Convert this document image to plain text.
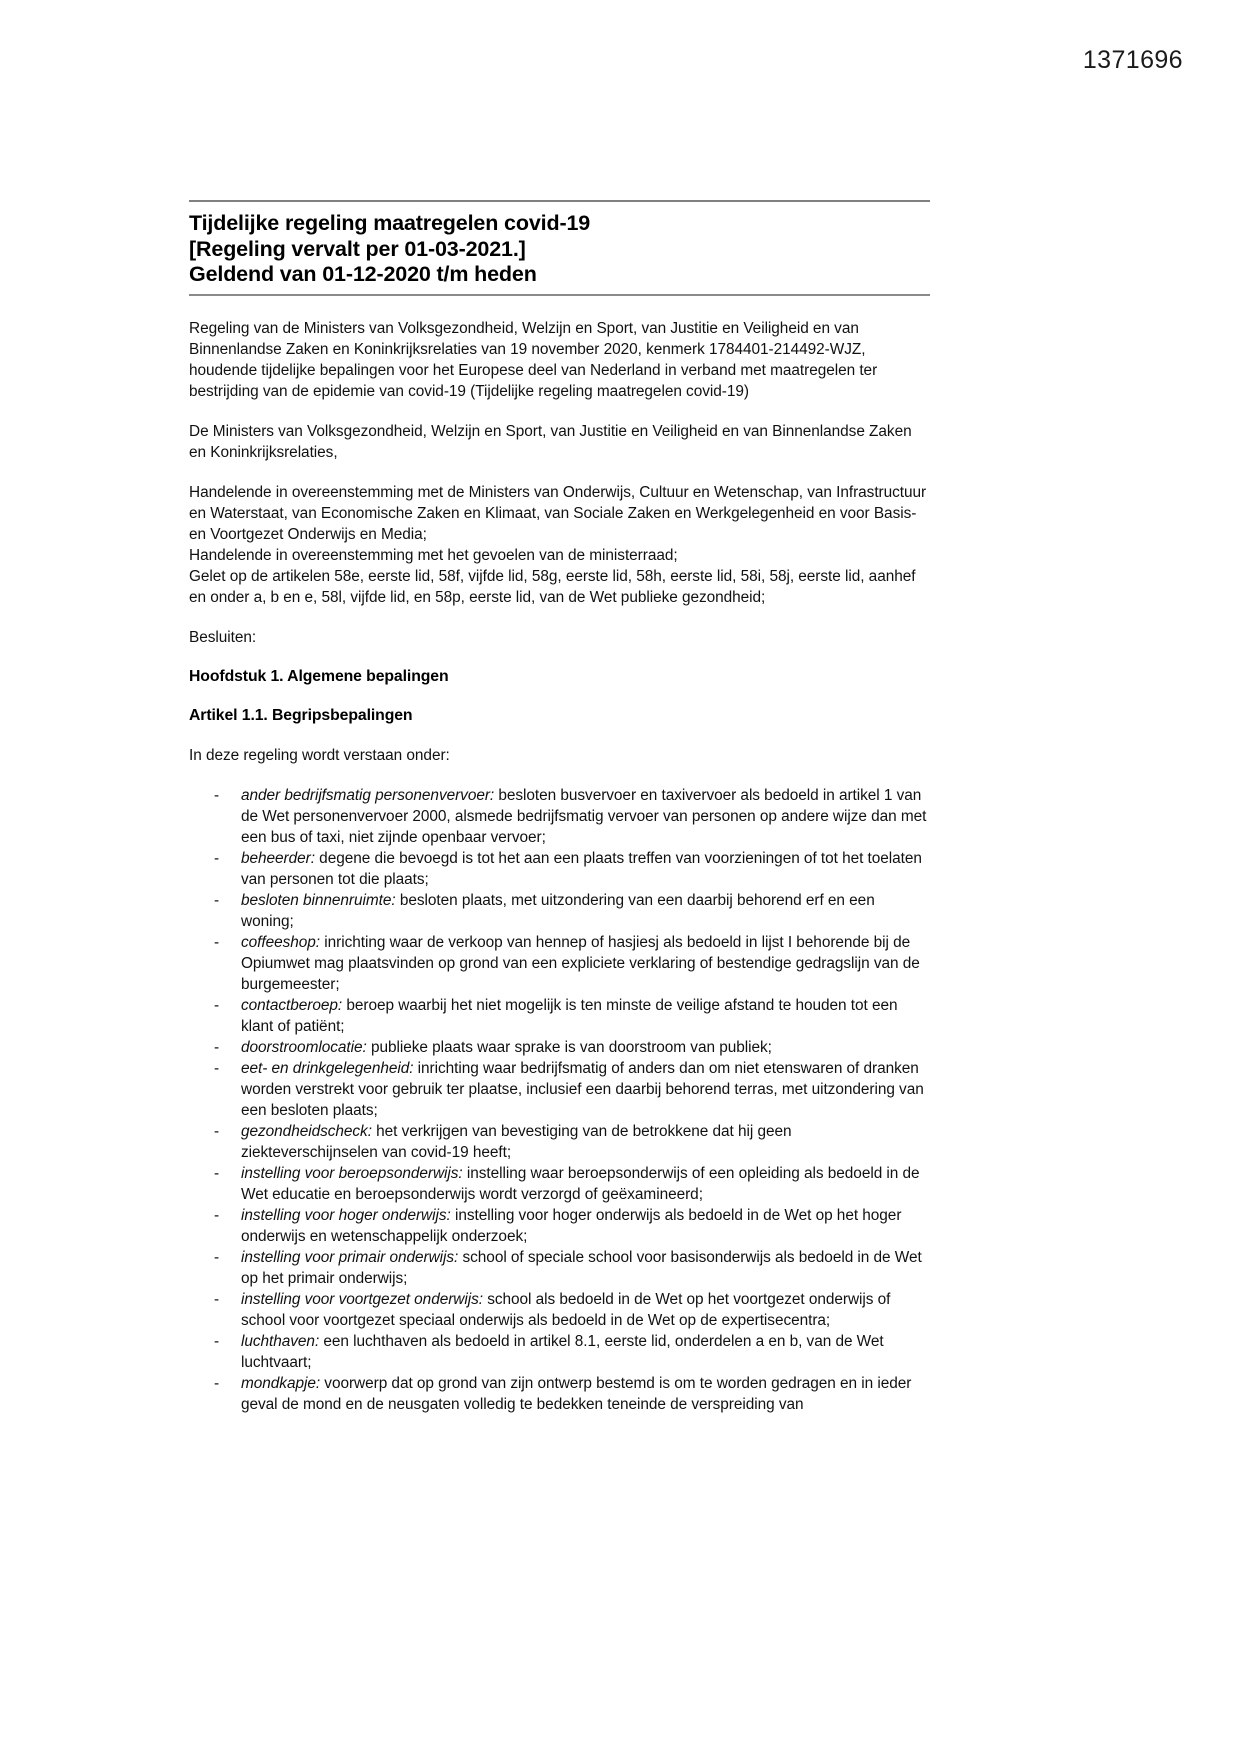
1371696
Tijdelijke regeling maatregelen covid-19
[Regeling vervalt per 01-03-2021.]
Geldend van 01-12-2020 t/m heden

Regeling van de Ministers van Volksgezondheid, Welzijn en Sport, van Justitie en Veiligheid en van Binnenlandse Zaken en Koninkrijksrelaties van 19 november 2020, kenmerk 1784401-214492-WJZ, houdende tijdelijke bepalingen voor het Europese deel van Nederland in verband met maatregelen ter bestrijding van de epidemie van covid-19 (Tijdelijke regeling maatregelen covid-19)

De Ministers van Volksgezondheid, Welzijn en Sport, van Justitie en Veiligheid en van Binnenlandse Zaken en Koninkrijksrelaties,

Handelende in overeenstemming met de Ministers van Onderwijs, Cultuur en Wetenschap, van Infrastructuur en Waterstaat, van Economische Zaken en Klimaat, van Sociale Zaken en Werkgelegenheid en voor Basis- en Voortgezet Onderwijs en Media;

Handelende in overeenstemming met het gevoelen van de ministerraad;

Gelet op de artikelen 58e, eerste lid, 58f, vijfde lid, 58g, eerste lid, 58h, eerste lid, 58i, 58j, eerste lid, aanhef en onder a, b en e, 58l, vijfde lid, en 58p, eerste lid, van de Wet publieke gezondheid;

Besluiten:

Hoofdstuk 1. Algemene bepalingen
Artikel 1.1. Begripsbepalingen

In deze regeling wordt verstaan onder:

- ander bedrijfsmatig personenvervoer: besloten busvervoer en taxivervoer als bedoeld in artikel 1 van de Wet personenvervoer 2000, alsmede bedrijfsmatig vervoer van personen op andere wijze dan met een bus of taxi, niet zijnde openbaar vervoer;
- beheerder: degene die bevoegd is tot het aan een plaats treffen van voorzieningen of tot het toelaten van personen tot die plaats;
- besloten binnenruimte: besloten plaats, met uitzondering van een daarbij behorend erf en een woning;
- coffeeshop: inrichting waar de verkoop van hennep of hasjiesj als bedoeld in lijst I behorende bij de Opiumwet mag plaatsvinden op grond van een expliciete verklaring of bestendige gedragslijn van de burgemeester;
- contactberoep: beroep waarbij het niet mogelijk is ten minste de veilige afstand te houden tot een klant of patiënt;
- doorstroomlocatie: publieke plaats waar sprake is van doorstroom van publiek;
- eet- en drinkgelegenheid: inrichting waar bedrijfsmatig of anders dan om niet etenswaren of dranken worden verstrekt voor gebruik ter plaatse, inclusief een daarbij behorend terras, met uitzondering van een besloten plaats;
- gezondheidscheck: het verkrijgen van bevestiging van de betrokkene dat hij geen ziekteverschijnselen van covid-19 heeft;
- instelling voor beroepsonderwijs: instelling waar beroepsonderwijs of een opleiding als bedoeld in de Wet educatie en beroepsonderwijs wordt verzorgd of geëxamineerd;
- instelling voor hoger onderwijs: instelling voor hoger onderwijs als bedoeld in de Wet op het hoger onderwijs en wetenschappelijk onderzoek;
- instelling voor primair onderwijs: school of speciale school voor basisonderwijs als bedoeld in de Wet op het primair onderwijs;
- instelling voor voortgezet onderwijs: school als bedoeld in de Wet op het voortgezet onderwijs of school voor voortgezet speciaal onderwijs als bedoeld in de Wet op de expertisecentra;
- luchthaven: een luchthaven als bedoeld in artikel 8.1, eerste lid, onderdelen a en b, van de Wet luchtvaart;
- mondkapje: voorwerp dat op grond van zijn ontwerp bestemd is om te worden gedragen en in ieder geval de mond en de neusgaten volledig te bedekken teneinde de verspreiding van
